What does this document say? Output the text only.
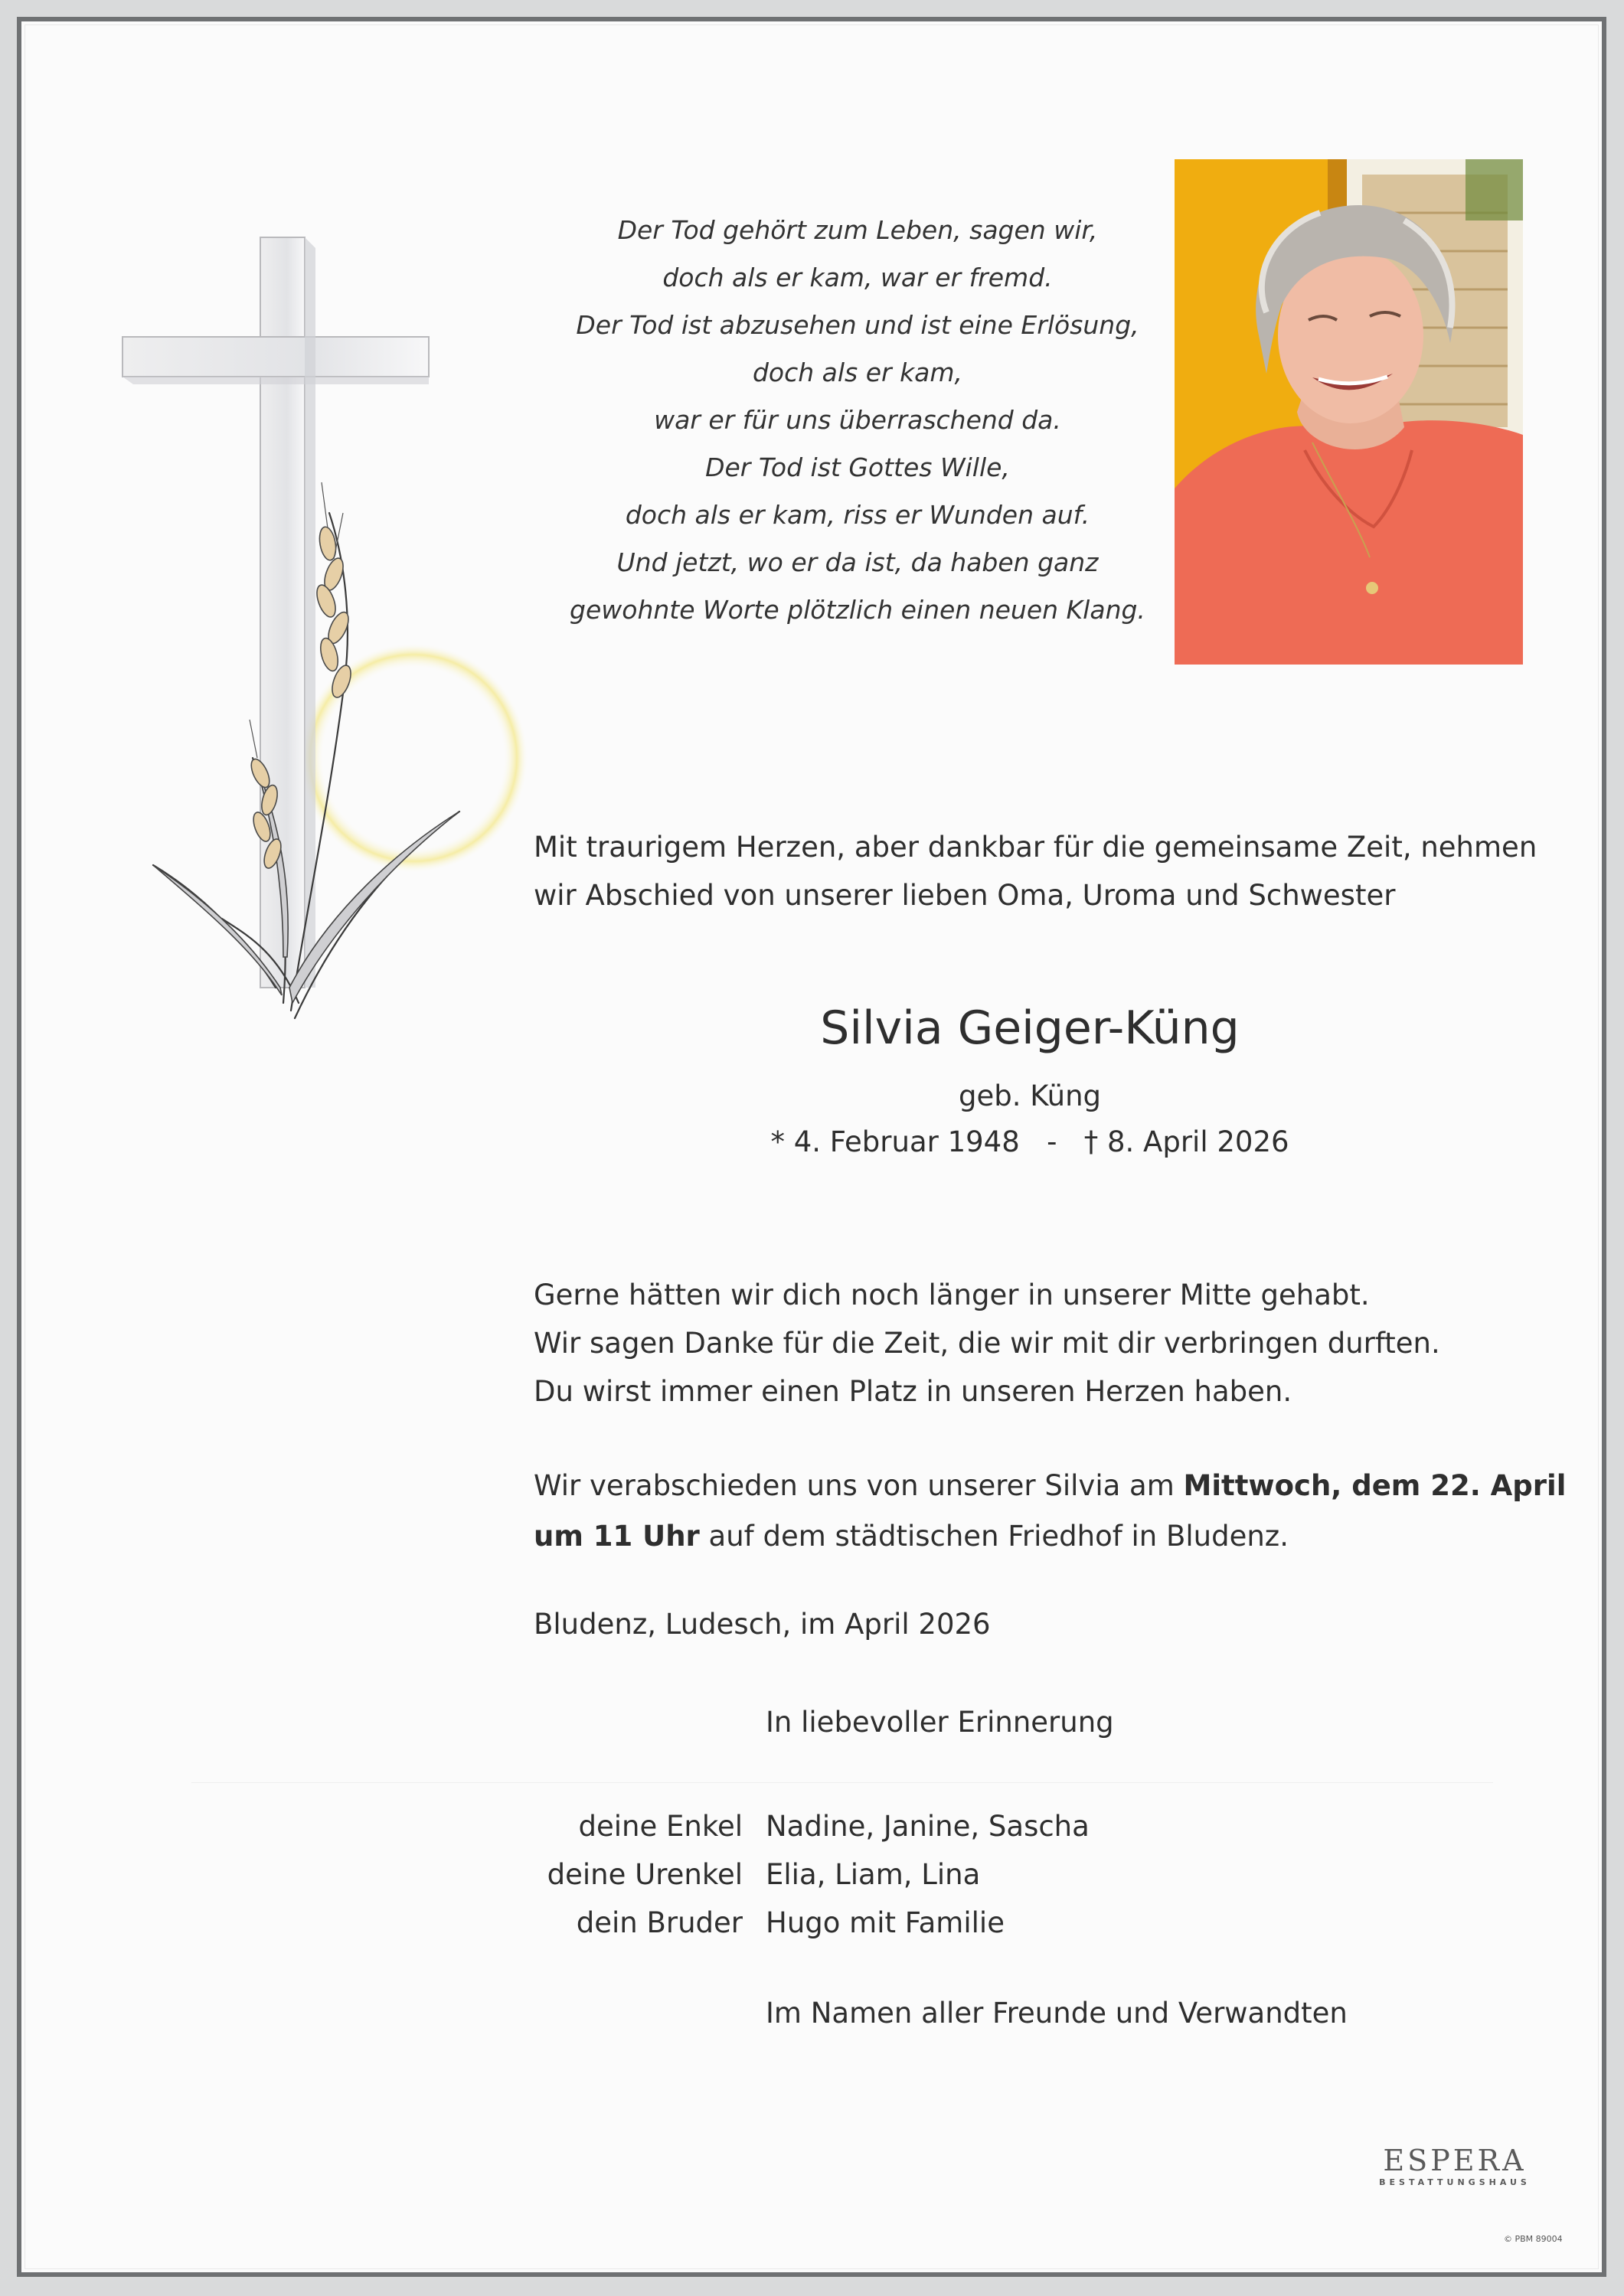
Der Tod gehört zum Leben, sagen wir,
doch als er kam, war er fremd.
Der Tod ist abzusehen und ist eine Erlösung,
doch als er kam,
war er für uns überraschend da.
Der Tod ist Gottes Wille,
doch als er kam, riss er Wunden auf.
Und jetzt, wo er da ist, da haben ganz
gewohnte Worte plötzlich einen neuen Klang.
Mit traurigem Herzen, aber dankbar für die gemeinsame Zeit, nehmen
wir Abschied von unserer lieben Oma, Uroma und Schwester
Silvia Geiger-Küng
geb. Küng
* 4. Februar 1948 - † 8. April 2026
Gerne hätten wir dich noch länger in unserer Mitte gehabt.
Wir sagen Danke für die Zeit, die wir mit dir verbringen durften.
Du wirst immer einen Platz in unseren Herzen haben.
Wir verabschieden uns von unserer Silvia am Mittwoch, dem 22. April
um 11 Uhr auf dem städtischen Friedhof in Bludenz.
Bludenz, Ludesch, im April 2026
In liebevoller Erinnerung
deine Enkel Nadine, Janine, Sascha
deine Urenkel Elia, Liam, Lina
dein Bruder Hugo mit Familie
Im Namen aller Freunde und Verwandten
ESPERA
BESTATTUNGSHAUS
© PBM 89004
